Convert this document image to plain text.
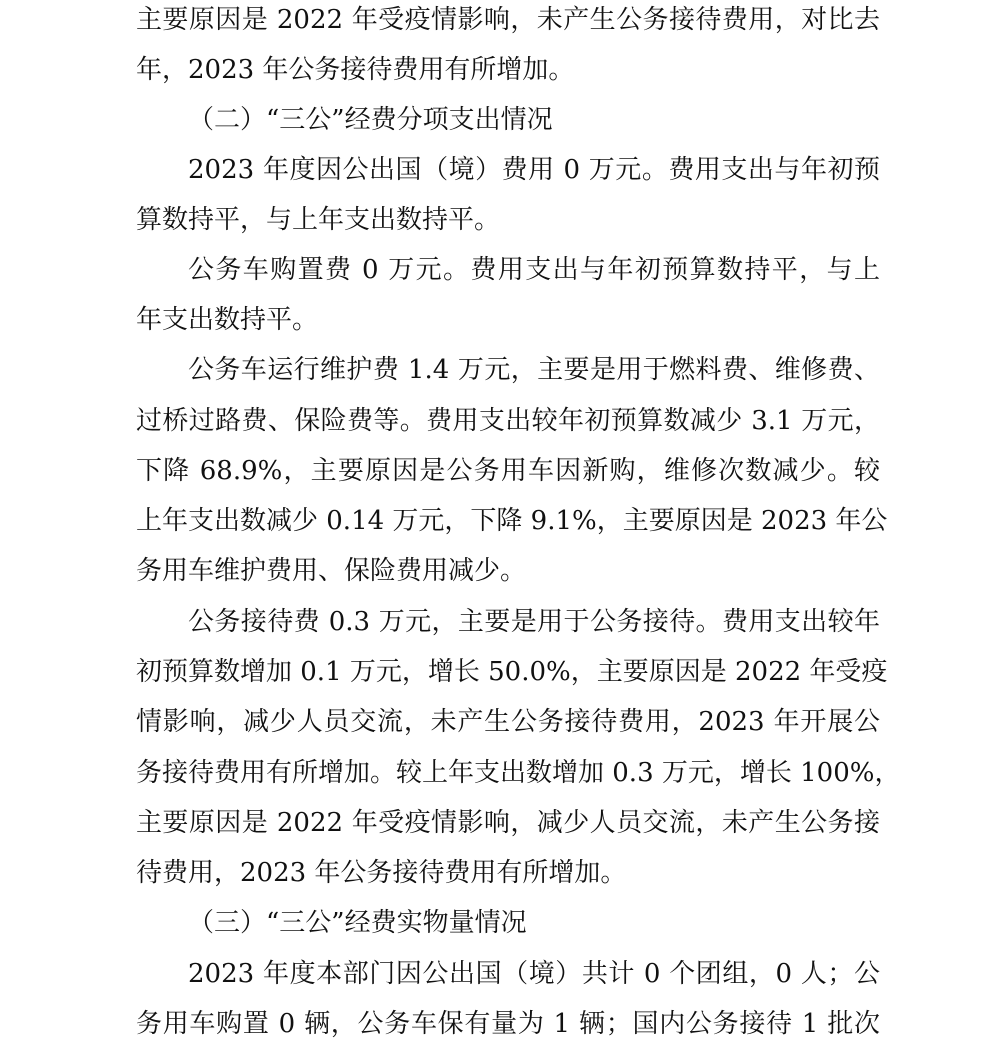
主要原因是 2022 年受疫情影响，未产生公务接待费用，对比去
年，2023 年公务接待费用有所增加。
（二）“三公”经费分项支出情况
2023 年度因公出国（境）费用 0 万元。费用支出与年初预
算数持平，与上年支出数持平。
公务车购置费 0 万元。费用支出与年初预算数持平，与上
年支出数持平。
公务车运行维护费 1.4 万元，主要是用于燃料费、维修费、
过桥过路费、保险费等。费用支出较年初预算数减少 3.1 万元，
下降 68.9%，主要原因是公务用车因新购，维修次数减少。较
上年支出数减少 0.14 万元，下降 9.1%，主要原因是 2023 年公
务用车维护费用、保险费用减少。
公务接待费 0.3 万元，主要是用于公务接待。费用支出较年
初预算数增加 0.1 万元，增长 50.0%，主要原因是 2022 年受疫
情影响，减少人员交流，未产生公务接待费用，2023 年开展公
务接待费用有所增加。较上年支出数增加 0.3 万元，增长 100%，
主要原因是 2022 年受疫情影响，减少人员交流，未产生公务接
待费用，2023 年公务接待费用有所增加。
（三）“三公”经费实物量情况
2023 年度本部门因公出国（境）共计 0 个团组，0 人；公
务用车购置 0 辆，公务车保有量为 1 辆；国内公务接待 1 批次
